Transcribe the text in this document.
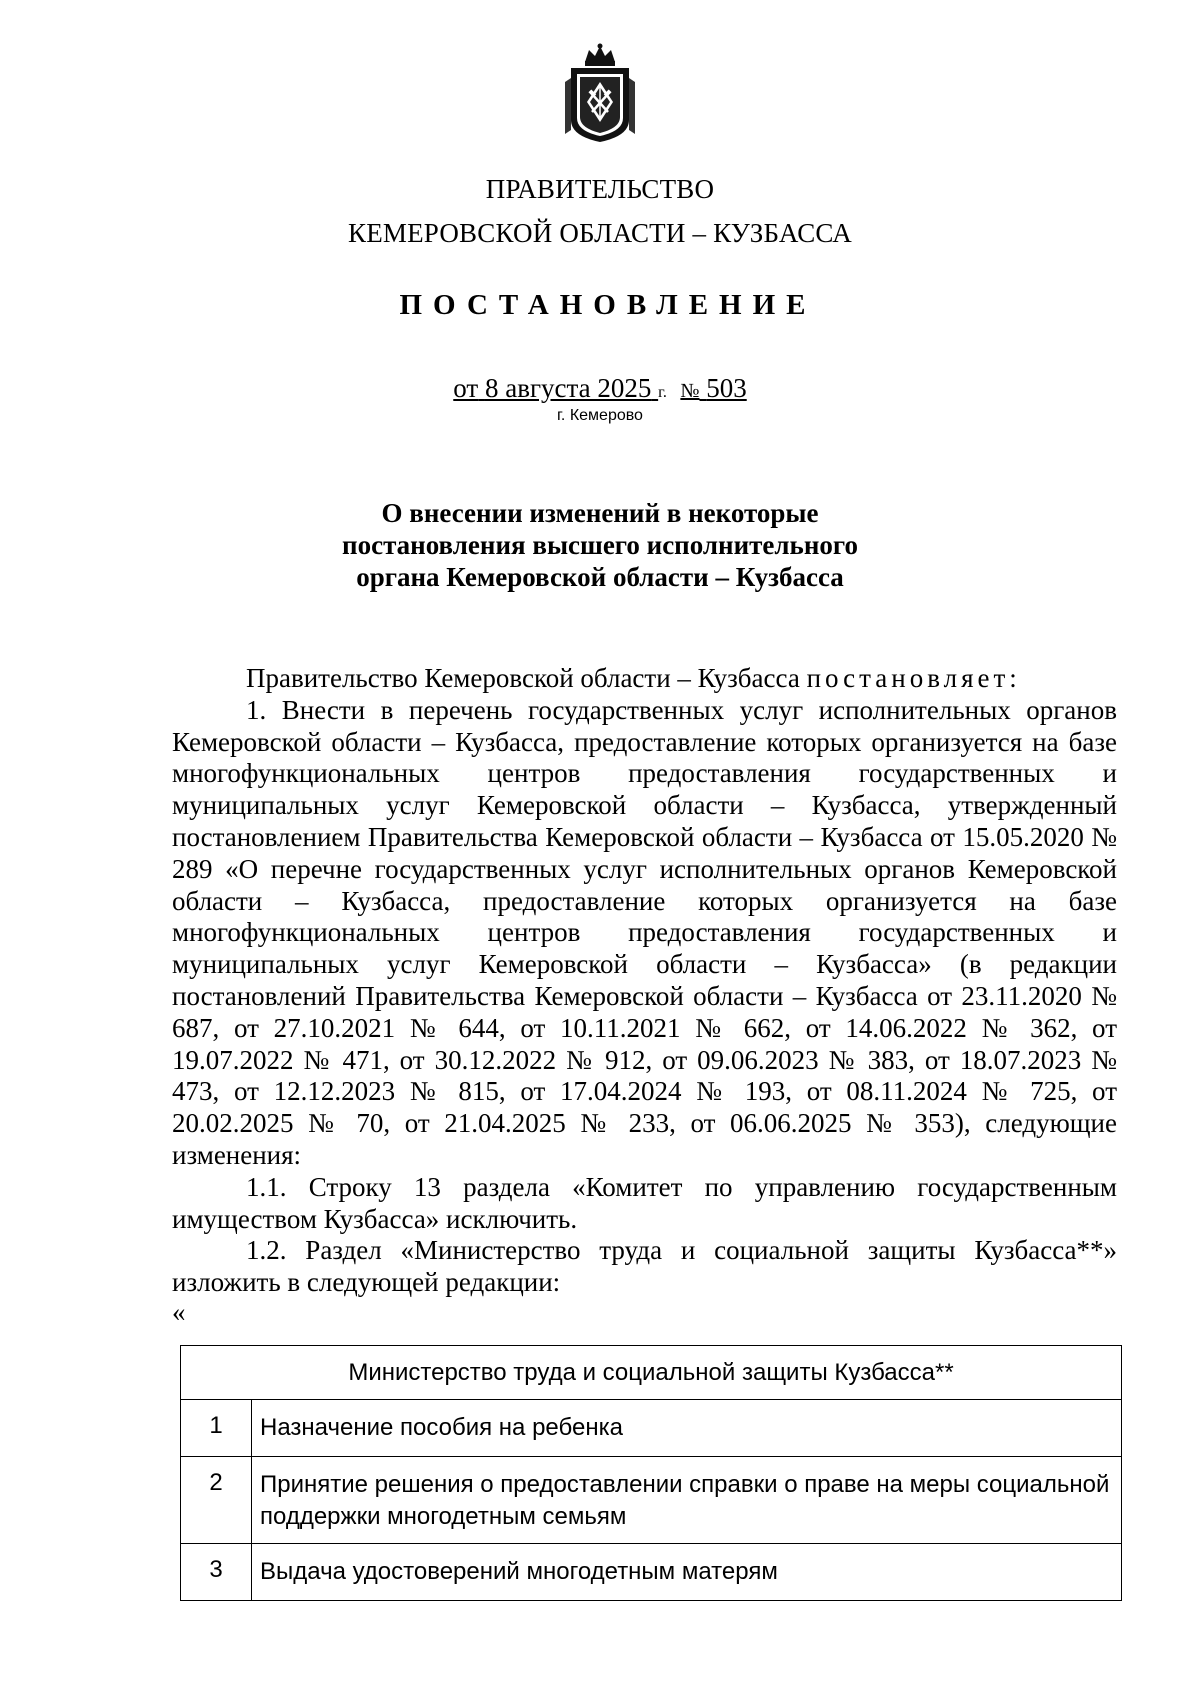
ПРАВИТЕЛЬСТВО
КЕМЕРОВСКОЙ ОБЛАСТИ – КУЗБАССА
ПОСТАНОВЛЕНИЕ
от 8 августа 2025 г. № 503
г. Кемерово
О внесении изменений в некоторые
постановления высшего исполнительного
органа Кемеровской области – Кузбасса

Правительство Кемеровской области – Кузбасса постановляет:

1. Внести в перечень государственных услуг исполнительных органов Кемеровской области – Кузбасса, предоставление которых организуется на базе многофункциональных центров предоставления государственных и муниципальных услуг Кемеровской области – Кузбасса, утвержденный постановлением Правительства Кемеровской области – Кузбасса от 15.05.2020 № 289 «О перечне государственных услуг исполнительных органов Кемеровской области – Кузбасса, предоставление которых организуется на базе многофункциональных центров предоставления государственных и муниципальных услуг Кемеровской области – Кузбасса» (в редакции постановлений Правительства Кемеровской области – Кузбасса от 23.11.2020 № 687, от 27.10.2021 № 644, от 10.11.2021 № 662, от 14.06.2022 № 362, от 19.07.2022 № 471, от 30.12.2022 № 912, от 09.06.2023 № 383, от 18.07.2023 № 473, от 12.12.2023 № 815, от 17.04.2024 № 193, от 08.11.2024 № 725, от 20.02.2025 № 70, от 21.04.2025 № 233, от 06.06.2025 № 353), следующие изменения:

1.1. Строку 13 раздела «Комитет по управлению государственным имуществом Кузбасса» исключить.

1.2. Раздел «Министерство труда и социальной защиты Кузбасса**» изложить в следующей редакции:

«

Министерство труда и социальной защиты Кузбасса**	
1	Назначение пособия на ребенка
2	Принятие решения о предоставлении справки о праве на меры социальной поддержки многодетным семьям
3	Выдача удостоверений многодетным матерям
